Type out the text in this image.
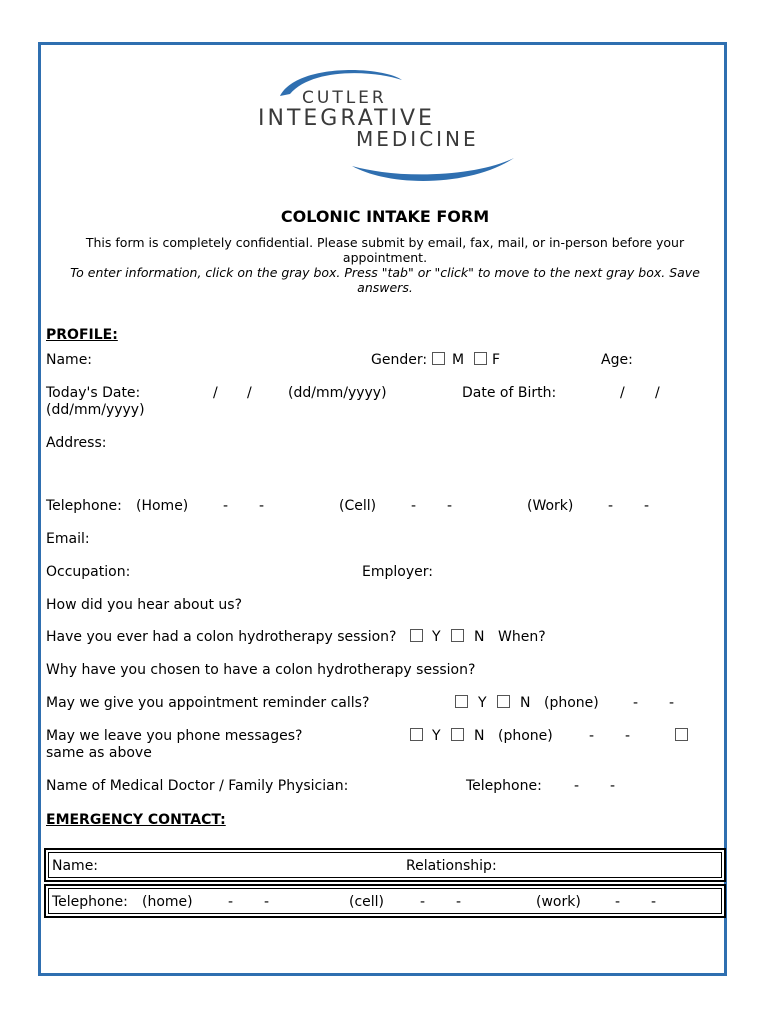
CUTLER
INTEGRATIVE
MEDICINE
COLONIC INTAKE FORM
This form is completely confidential. Please submit by email, fax, mail, or in-person before your
appointment.
To enter information, click on the gray box. Press "tab" or "click" to move to the next gray box. Save
answers.
PROFILE:
Name:	Gender: M F	Age:
Today's Date:	/ /	(dd/mm/yyyy)	Date of Birth:	/ /
(dd/mm/yyyy)
Address:
Telephone: (Home) - -	(Cell) - -	(Work) - -
Email:
Occupation:	Employer:
How did you hear about us?
Have you ever had a colon hydrotherapy session?	Y N When?
Why have you chosen to have a colon hydrotherapy session?
May we give you appointment reminder calls?	Y N (phone) - -
May we leave you phone messages?	Y N (phone)	- -
same as above
Name of Medical Doctor / Family Physician:	Telephone: - -
EMERGENCY CONTACT:
Name:	Relationship:
Telephone: (home)	- -	(cell)	- -	(work) - -
